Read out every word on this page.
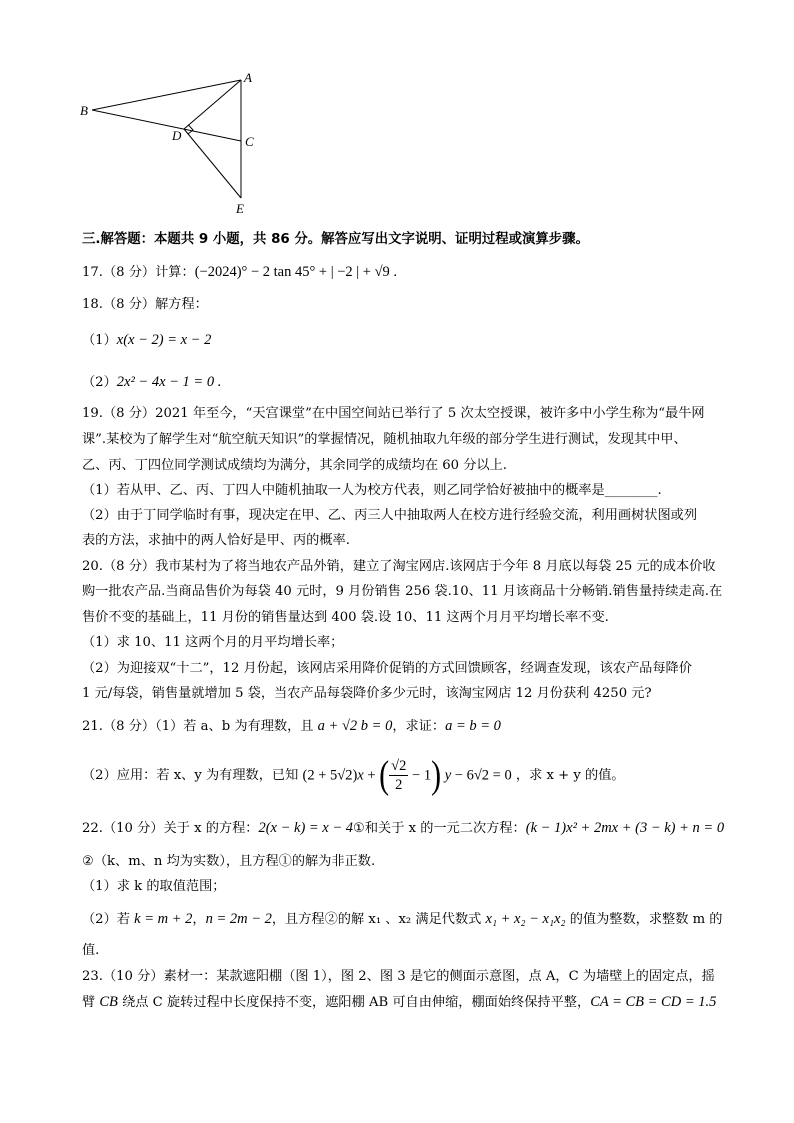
A
B
C
D
E
三.解答题：本题共 9 小题，共 86 分。解答应写出文字说明、证明过程或演算步骤。
17.（8 分）计算：(−2024)° − 2 tan 45° + | −2 | + √9 .
18.（8 分）解方程：
（1）x(x − 2) = x − 2
（2）2x² − 4x − 1 = 0 .
19.（8 分）2021 年至今，“天宫课堂”在中国空间站已举行了 5 次太空授课，被许多中小学生称为“最牛网
课”.某校为了解学生对“航空航天知识”的掌握情况，随机抽取九年级的部分学生进行测试，发现其中甲、
乙、丙、丁四位同学测试成绩均为满分，其余同学的成绩均在 60 分以上.
（1）若从甲、乙、丙、丁四人中随机抽取一人为校方代表，则乙同学恰好被抽中的概率是________.
（2）由于丁同学临时有事，现决定在甲、乙、丙三人中抽取两人在校方进行经验交流，利用画树状图或列
表的方法，求抽中的两人恰好是甲、丙的概率.
20.（8 分）我市某村为了将当地农产品外销，建立了淘宝网店.该网店于今年 8 月底以每袋 25 元的成本价收
购一批农产品.当商品售价为每袋 40 元时，9 月份销售 256 袋.10、11 月该商品十分畅销.销售量持续走高.在
售价不变的基础上，11 月份的销售量达到 400 袋.设 10、11 这两个月月平均增长率不变.
（1）求 10、11 这两个月的月平均增长率；
（2）为迎接双“十二”，12 月份起，该网店采用降价促销的方式回馈顾客，经调查发现，该农产品每降价
1 元/每袋，销售量就增加 5 袋，当农产品每袋降价多少元时，该淘宝网店 12 月份获利 4250 元?
21.（8 分）（1）若 a、b 为有理数，且 a + √2 b = 0，求证：a = b = 0
（2）应用：若 x、y 为有理数，已知 (2 + 5√2)x + ( $\frac{√2}{2} - 1$) y − 6√2 = 0 ，求 x + y 的值。
22.（10 分）关于 x 的方程：2(x − k) = x − 4①和关于 x 的一元二次方程：(k − 1)x² + 2mx + (3 − k) + n = 0
②（k、m、n 均为实数），且方程①的解为非正数.
（1）求 k 的取值范围；
（2）若 k = m + 2，n = 2m − 2，且方程②的解 x₁ 、x₂ 满足代数式 x₁ + x₂ − x₁x₂ 的值为整数，求整数 m 的
值.
23.（10 分）素材一：某款遮阳棚（图 1），图 2、图 3 是它的侧面示意图，点 A，C 为墙壁上的固定点，摇
臂 CB 绕点 C 旋转过程中长度保持不变，遮阳棚 AB 可自由伸缩，棚面始终保持平整，CA = CB = CD = 1.5
